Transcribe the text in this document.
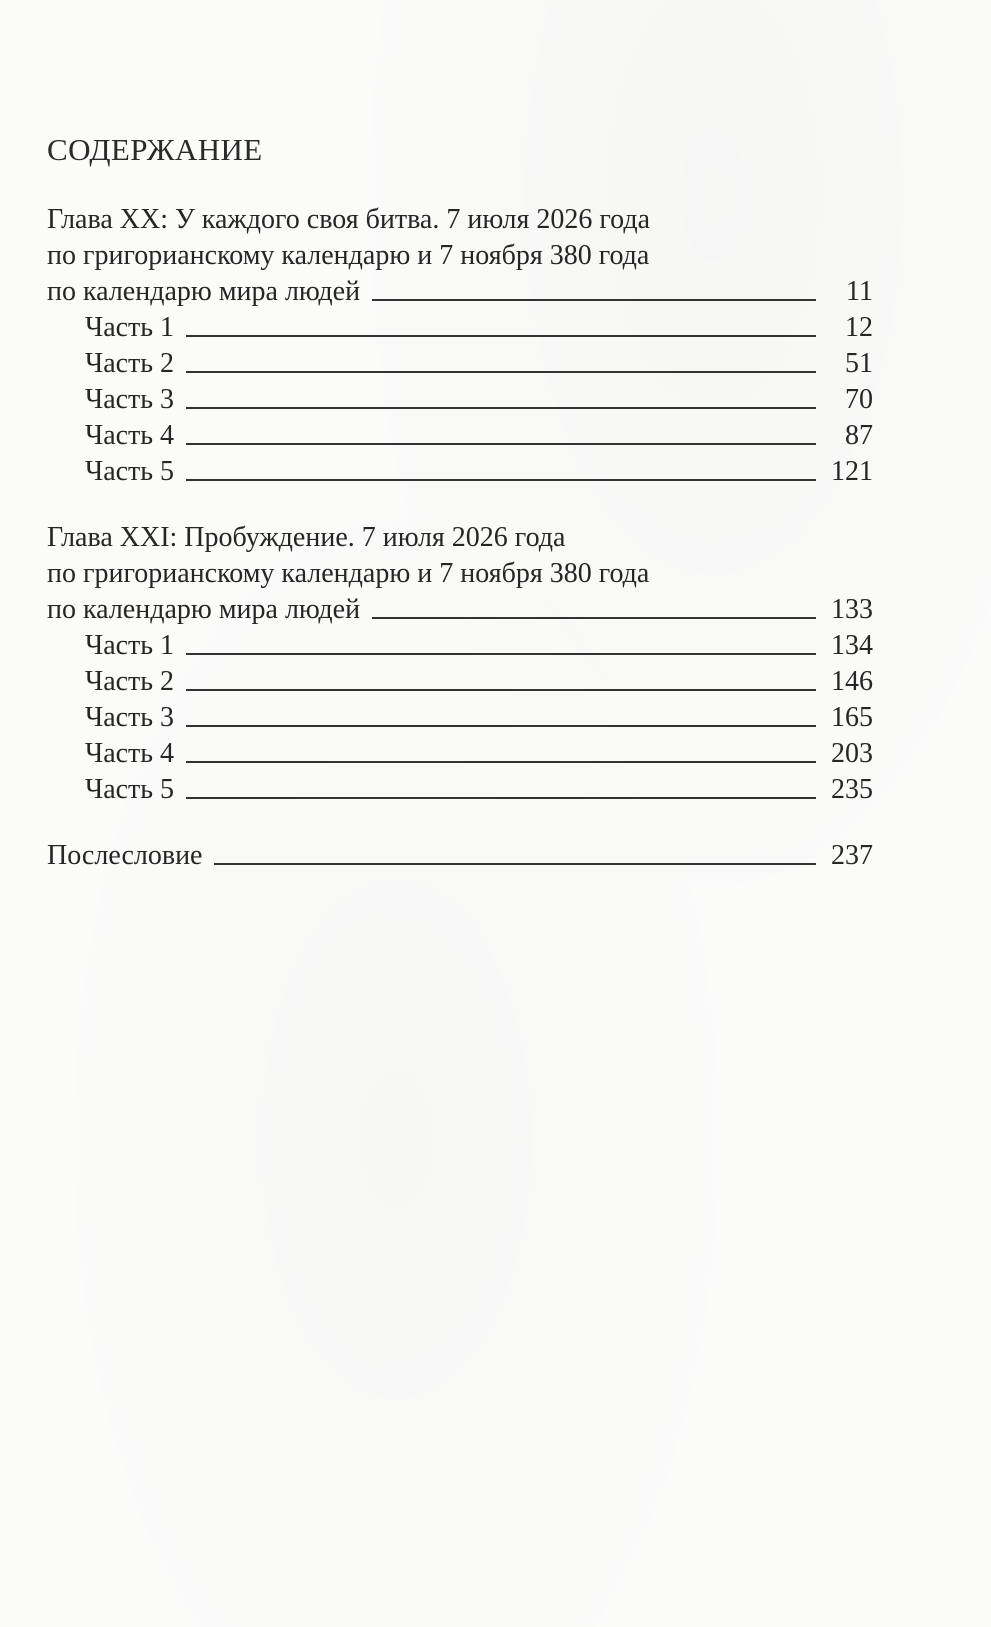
СОДЕРЖАНИЕ
Глава XX: У каждого своя битва. 7 июля 2026 года
по григорианскому календарю и 7 ноября 380 года
по календарю мира людей	11
Часть 1	12
Часть 2	51
Часть 3	70
Часть 4	87
Часть 5	121
Глава XXI: Пробуждение. 7 июля 2026 года
по григорианскому календарю и 7 ноября 380 года
по календарю мира людей	133
Часть 1	134
Часть 2	146
Часть 3	165
Часть 4	203
Часть 5	235
Послесловие	237
